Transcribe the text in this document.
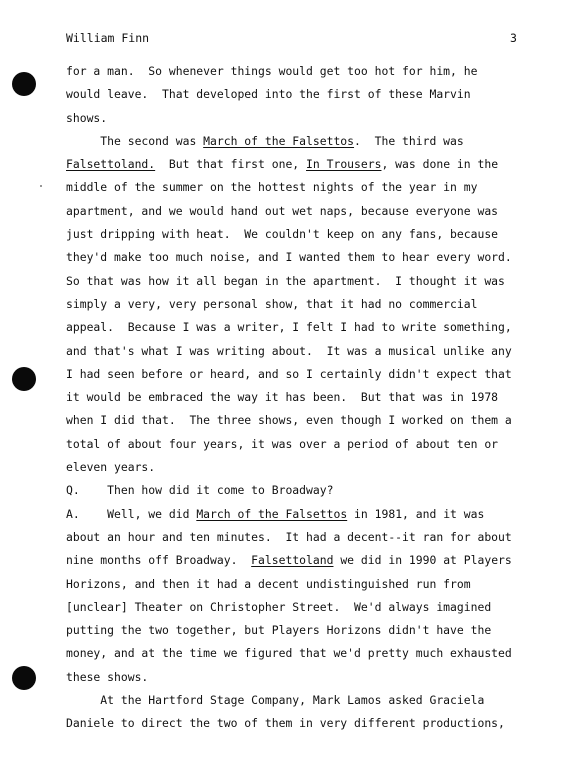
William Finn	3
for a man.  So whenever things would get too hot for him, he
would leave.  That developed into the first of these Marvin
shows.
The second was March of the Falsettos.  The third was
Falsettoland.  But that first one, In Trousers, was done in the
middle of the summer on the hottest nights of the year in my
apartment, and we would hand out wet naps, because everyone was
just dripping with heat.  We couldn't keep on any fans, because
they'd make too much noise, and I wanted them to hear every word.
So that was how it all began in the apartment.  I thought it was
simply a very, very personal show, that it had no commercial
appeal.  Because I was a writer, I felt I had to write something,
and that's what I was writing about.  It was a musical unlike any
I had seen before or heard, and so I certainly didn't expect that
it would be embraced the way it has been.  But that was in 1978
when I did that.  The three shows, even though I worked on them a
total of about four years, it was over a period of about ten or
eleven years.
Q.    Then how did it come to Broadway?
A.    Well, we did March of the Falsettos in 1981, and it was
about an hour and ten minutes.  It had a decent--it ran for about
nine months off Broadway.  Falsettoland we did in 1990 at Players
Horizons, and then it had a decent undistinguished run from
[unclear] Theater on Christopher Street.  We'd always imagined
putting the two together, but Players Horizons didn't have the
money, and at the time we figured that we'd pretty much exhausted
these shows.
At the Hartford Stage Company, Mark Lamos asked Graciela
Daniele to direct the two of them in very different productions,
